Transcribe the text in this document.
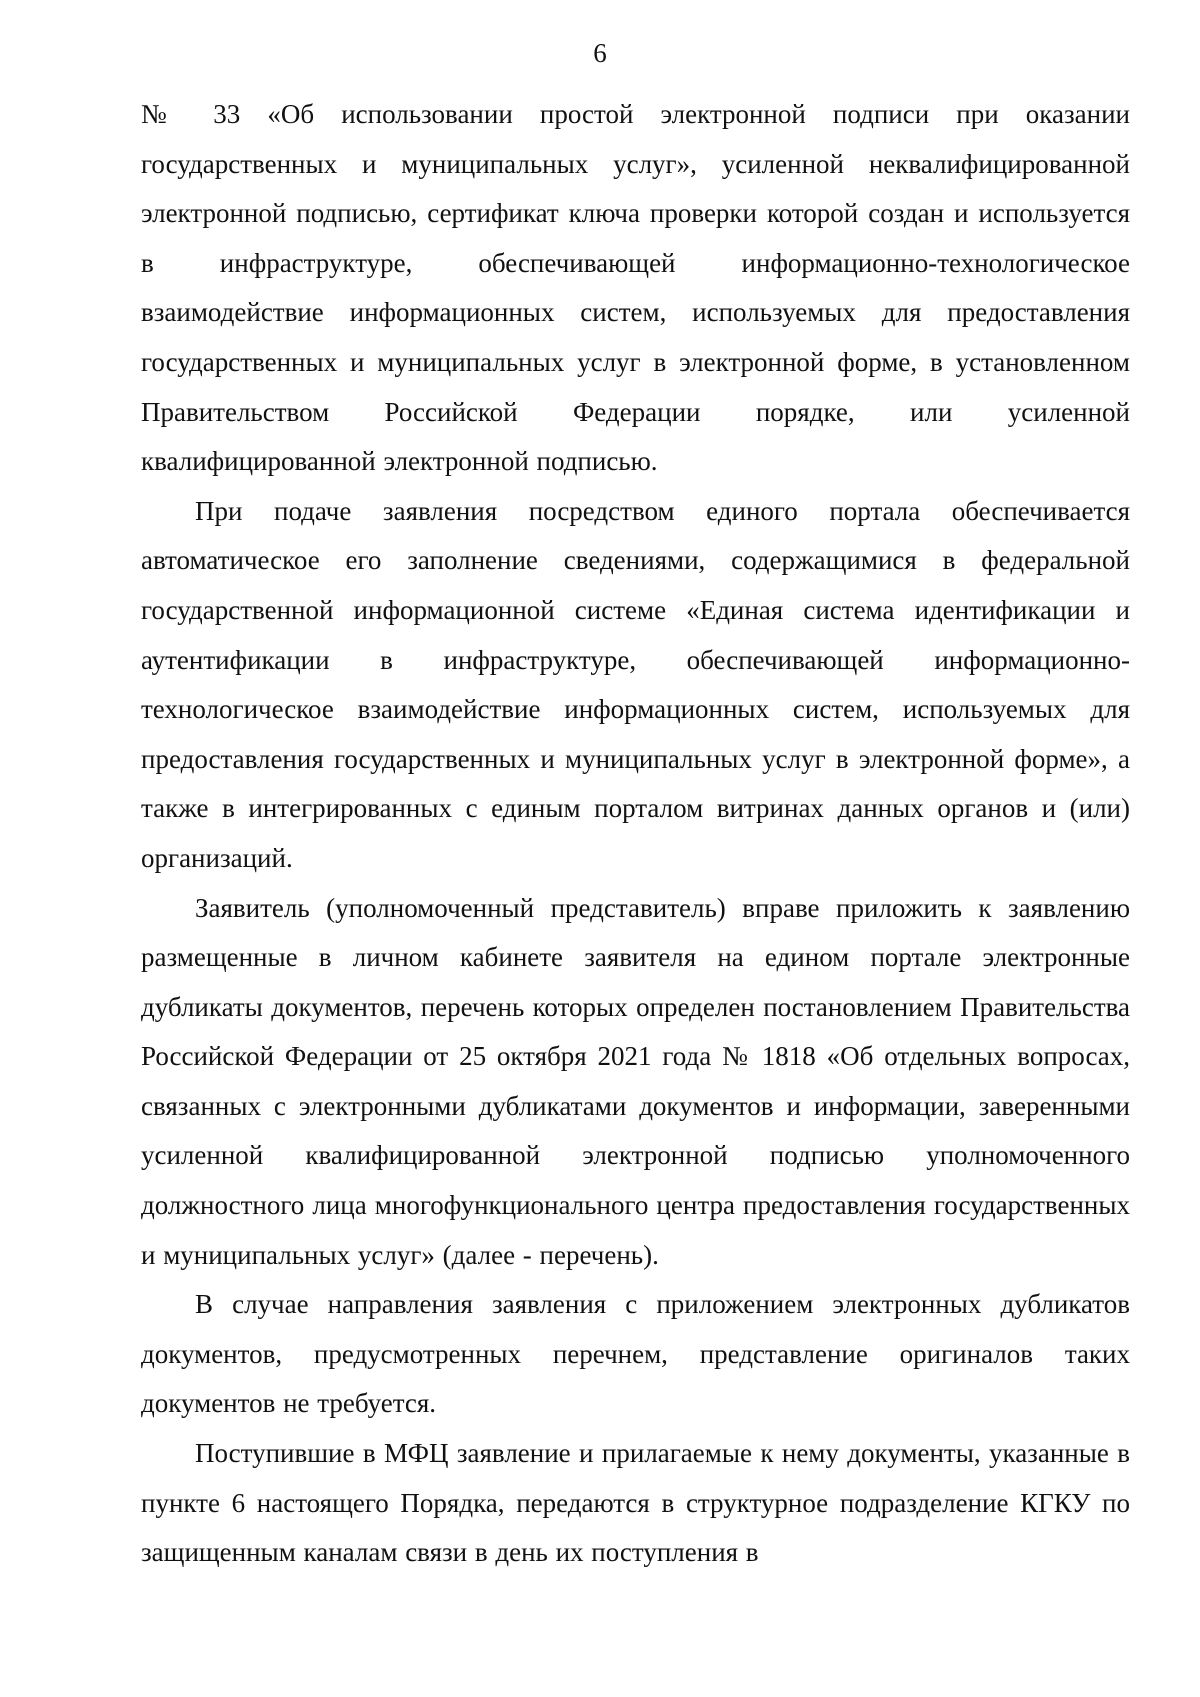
6

№ 33 «Об использовании простой электронной подписи при оказании государственных и муниципальных услуг», усиленной неквалифицированной электронной подписью, сертификат ключа проверки которой создан и используется в инфраструктуре, обеспечивающей информационно-технологическое взаимодействие информационных систем, используемых для предоставления государственных и муниципальных услуг в электронной форме, в установленном Правительством Российской Федерации порядке, или усиленной квалифицированной электронной подписью.

При подаче заявления посредством единого портала обеспечивается автоматическое его заполнение сведениями, содержащимися в федеральной государственной информационной системе «Единая система идентификации и аутентификации в инфраструктуре, обеспечивающей информационно-технологическое взаимодействие информационных систем, используемых для предоставления государственных и муниципальных услуг в электронной форме», а также в интегрированных с единым порталом витринах данных органов и (или) организаций.

Заявитель (уполномоченный представитель) вправе приложить к заявлению размещенные в личном кабинете заявителя на едином портале электронные дубликаты документов, перечень которых определен постановлением Правительства Российской Федерации от 25 октября 2021 года № 1818 «Об отдельных вопросах, связанных с электронными дубликатами документов и информации, заверенными усиленной квалифицированной электронной подписью уполномоченного должностного лица многофункционального центра предоставления государственных и муниципальных услуг» (далее - перечень).

В случае направления заявления с приложением электронных дубликатов документов, предусмотренных перечнем, представление оригиналов таких документов не требуется.

Поступившие в МФЦ заявление и прилагаемые к нему документы, указанные в пункте 6 настоящего Порядка, передаются в структурное подразделение КГКУ по защищенным каналам связи в день их поступления в
